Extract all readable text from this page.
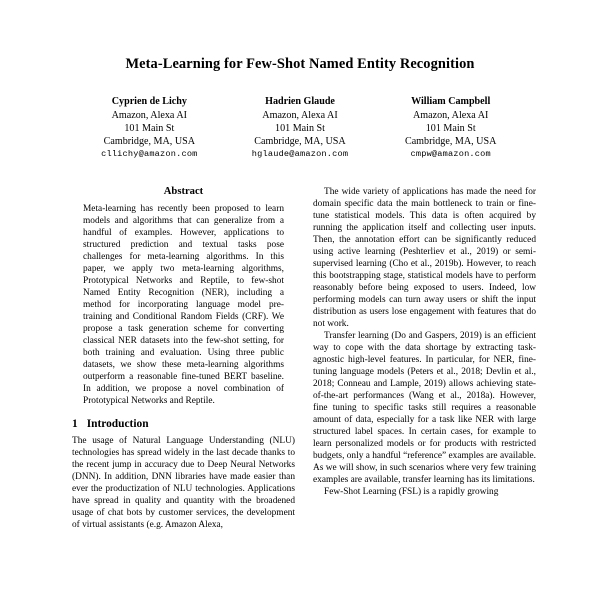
Meta-Learning for Few-Shot Named Entity Recognition
Cyprien de Lichy
Amazon, Alexa AI
101 Main St
Cambridge, MA, USA
cllichy@amazon.com
Hadrien Glaude
Amazon, Alexa AI
101 Main St
Cambridge, MA, USA
hglaude@amazon.com
William Campbell
Amazon, Alexa AI
101 Main St
Cambridge, MA, USA
cmpw@amazon.com
Abstract

Meta-learning has recently been proposed to learn models and algorithms that can generalize from a handful of examples. However, applications to structured prediction and textual tasks pose challenges for meta-learning algorithms. In this paper, we apply two meta-learning algorithms, Prototypical Networks and Reptile, to few-shot Named Entity Recognition (NER), including a method for incorporating language model pre-training and Conditional Random Fields (CRF). We propose a task generation scheme for converting classical NER datasets into the few-shot setting, for both training and evaluation. Using three public datasets, we show these meta-learning algorithms outperform a reasonable fine-tuned BERT baseline. In addition, we propose a novel combination of Prototypical Networks and Reptile.

1 Introduction

The usage of Natural Language Understanding (NLU) technologies has spread widely in the last decade thanks to the recent jump in accuracy due to Deep Neural Networks (DNN). In addition, DNN libraries have made easier than ever the productization of NLU technologies. Applications have spread in quality and quantity with the broadened usage of chat bots by customer services, the development of virtual assistants (e.g. Amazon Alexa,

The wide variety of applications has made the need for domain specific data the main bottleneck to train or fine-tune statistical models. This data is often acquired by running the application itself and collecting user inputs. Then, the annotation effort can be significantly reduced using active learning (Peshterliev et al., 2019) or semi-supervised learning (Cho et al., 2019b). However, to reach this bootstrapping stage, statistical models have to perform reasonably before being exposed to users. Indeed, low performing models can turn away users or shift the input distribution as users lose engagement with features that do not work.

Transfer learning (Do and Gaspers, 2019) is an efficient way to cope with the data shortage by extracting task-agnostic high-level features. In particular, for NER, fine-tuning language models (Peters et al., 2018; Devlin et al., 2018; Conneau and Lample, 2019) allows achieving state-of-the-art performances (Wang et al., 2018a). However, fine tuning to specific tasks still requires a reasonable amount of data, especially for a task like NER with large structured label spaces. In certain cases, for example to learn personalized models or for products with restricted budgets, only a handful “reference” examples are available. As we will show, in such scenarios where very few training examples are available, transfer learning has its limitations.

Few-Shot Learning (FSL) is a rapidly growing
